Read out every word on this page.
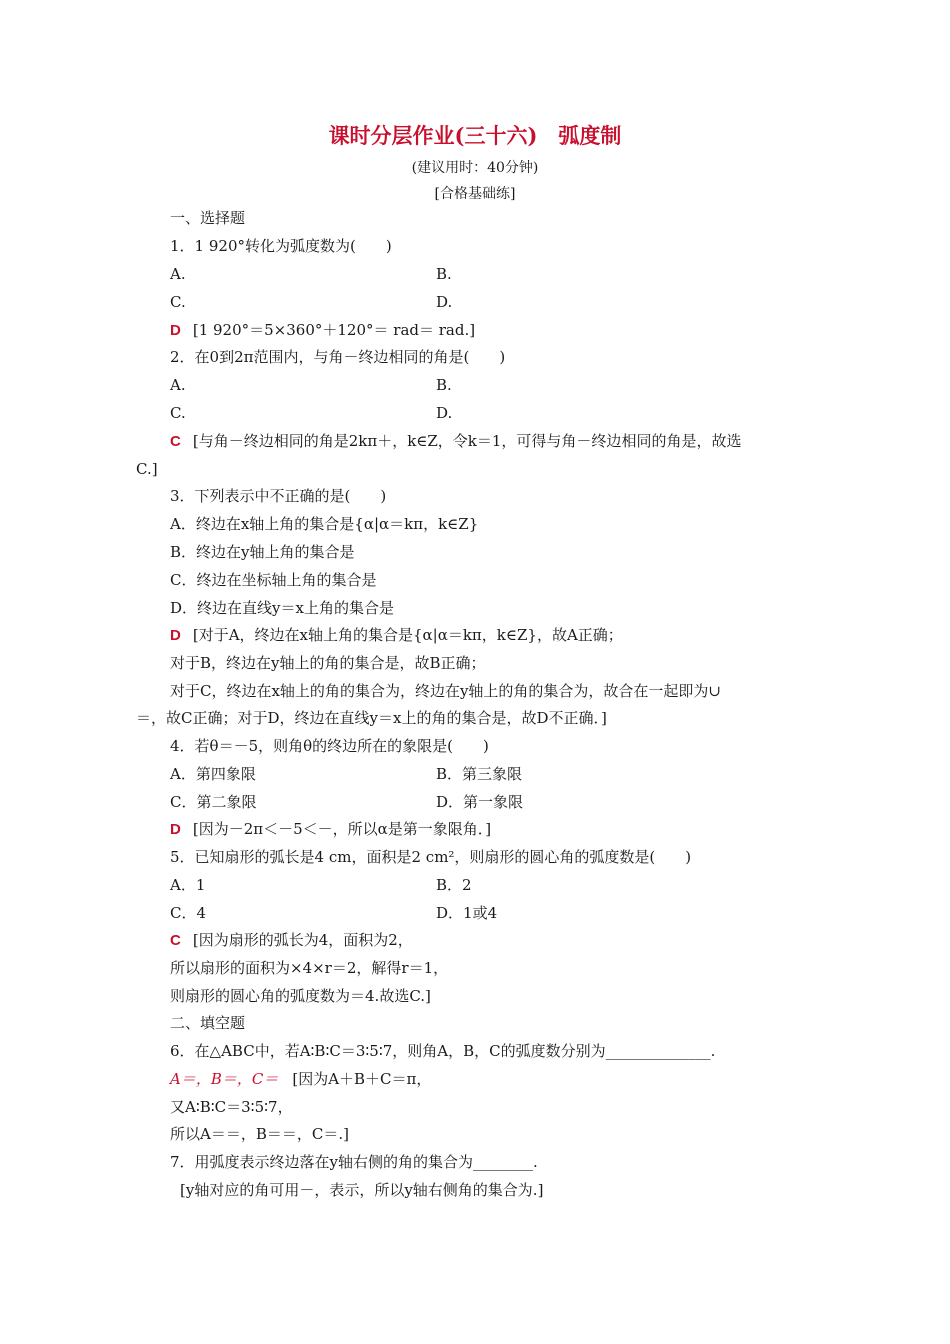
课时分层作业(三十六)　弧度制
(建议用时：40分钟)
[合格基础练]
一、选择题
1．1 920°转化为弧度数为(　　)
A.	B.
C.	D.
D [1 920°＝5×360°＋120°＝ rad＝ rad.]
2．在0到2π范围内，与角－终边相同的角是(　　)
A.	B.
C.	D.
C [与角－终边相同的角是2kπ＋，k∈Z，令k＝1，可得与角－终边相同的角是，故选
C.]
3．下列表示中不正确的是(　　)
A．终边在x轴上角的集合是{α|α＝kπ，k∈Z}
B．终边在y轴上角的集合是
C．终边在坐标轴上角的集合是
D．终边在直线y＝x上角的集合是
D [对于A，终边在x轴上角的集合是{α|α＝kπ，k∈Z}，故A正确；
对于B，终边在y轴上的角的集合是，故B正确；
对于C，终边在x轴上的角的集合为，终边在y轴上的角的集合为，故合在一起即为∪
＝，故C正确；对于D，终边在直线y＝x上的角的集合是，故D不正确．]
4．若θ＝－5，则角θ的终边所在的象限是(　　)
A．第四象限	B．第三象限
C．第二象限	D．第一象限
D [因为－2π＜－5＜－，所以α是第一象限角．]
5．已知扇形的弧长是4 cm，面积是2 cm²，则扇形的圆心角的弧度数是(　　)
A．1	B．2
C．4	D．1或4
C [因为扇形的弧长为4，面积为2，
所以扇形的面积为×4×r＝2，解得r＝1，
则扇形的圆心角的弧度数为＝4.故选C.]
二、填空题
6．在△ABC中，若A∶B∶C＝3∶5∶7，则角A，B，C的弧度数分别为______________.
A＝，B＝，C＝ [因为A＋B＋C＝π，
又A∶B∶C＝3∶5∶7，
所以A＝＝，B＝＝，C＝.]
7．用弧度表示终边落在y轴右侧的角的集合为________.
[y轴对应的角可用－，表示，所以y轴右侧角的集合为.]
